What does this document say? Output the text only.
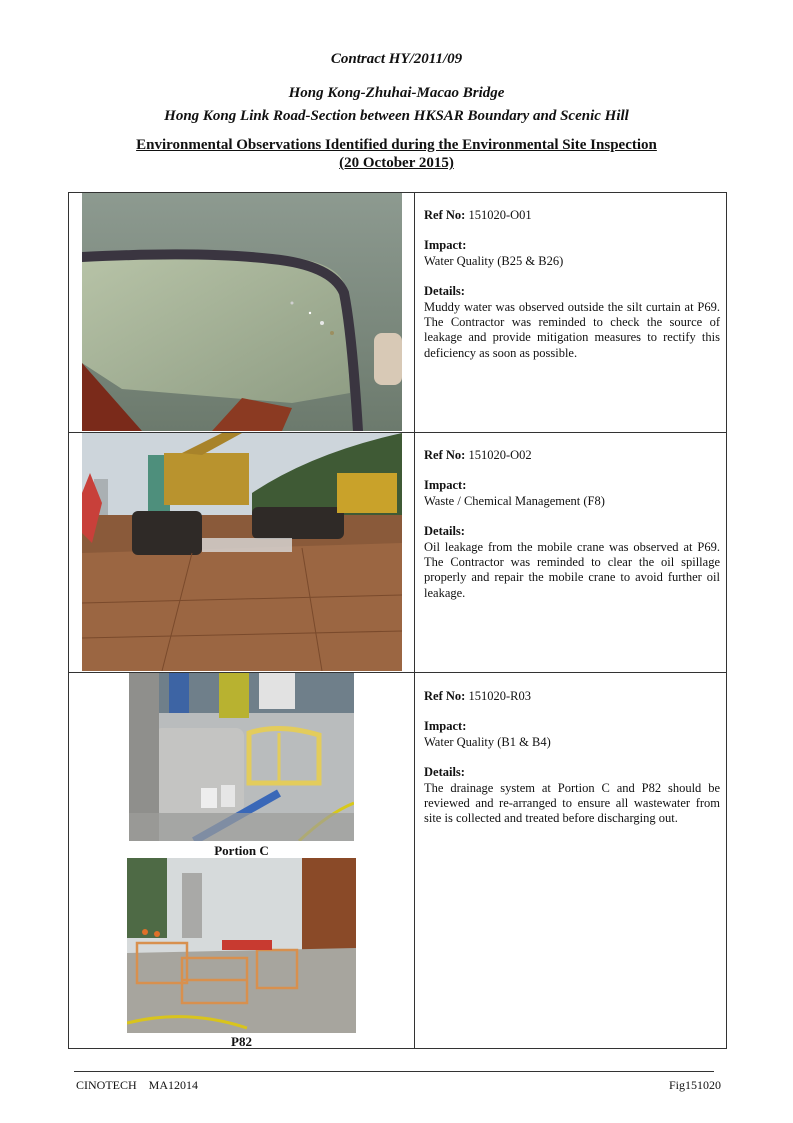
Contract HY/2011/09
Hong Kong-Zhuhai-Macao Bridge
Hong Kong Link Road-Section between HKSAR Boundary and Scenic Hill
Environmental Observations Identified during the Environmental Site Inspection
(20 October 2015)
Portion C
P82
Ref No: 151020-O01
Impact:
Water Quality (B25 & B26)
Details:
Muddy water was observed outside the silt curtain at P69. The Contractor was reminded to check the source of leakage and provide mitigation measures to rectify this deficiency as soon as possible.
Ref No: 151020-O02
Impact:
Waste / Chemical Management (F8)
Details:
Oil leakage from the mobile crane was observed at P69. The Contractor was reminded to clear the oil spillage properly and repair the mobile crane to avoid further oil leakage.
Ref No: 151020-R03
Impact:
Water Quality (B1 & B4)
Details:
The drainage system at Portion C and P82 should be reviewed and re-arranged to ensure all wastewater from site is collected and treated before discharging out.
CINOTECH    MA12014	Fig151020
